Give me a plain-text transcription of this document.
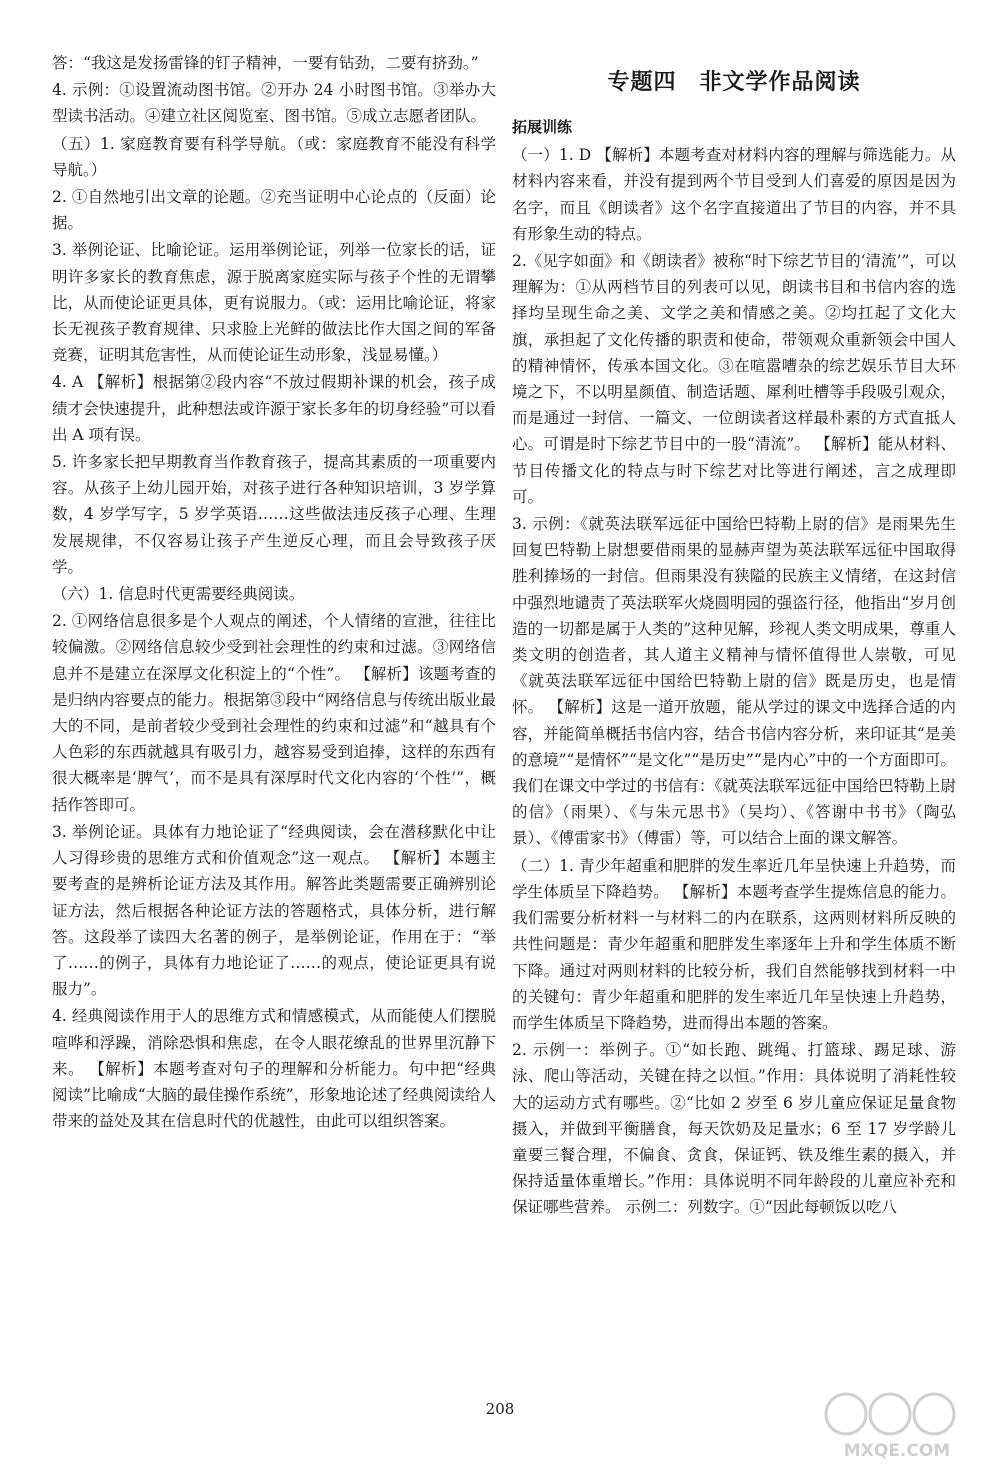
答：“我这是发扬雷锋的钉子精神，一要有钻劲，二要有挤劲。”

4. 示例：①设置流动图书馆。②开办 24 小时图书馆。③举办大型读书活动。④建立社区阅览室、图书馆。⑤成立志愿者团队。

（五）1. 家庭教育要有科学导航。（或：家庭教育不能没有科学导航。）

2. ①自然地引出文章的论题。②充当证明中心论点的（反面）论据。

3. 举例论证、比喻论证。运用举例论证，列举一位家长的话，证明许多家长的教育焦虑，源于脱离家庭实际与孩子个性的无谓攀比，从而使论证更具体，更有说服力。（或：运用比喻论证，将家长无视孩子教育规律、只求脸上光鲜的做法比作大国之间的军备竞赛，证明其危害性，从而使论证生动形象，浅显易懂。）

4. A 【解析】根据第②段内容“不放过假期补课的机会，孩子成绩才会快速提升，此种想法或许源于家长多年的切身经验”可以看出 A 项有误。

5. 许多家长把早期教育当作教育孩子，提高其素质的一项重要内容。从孩子上幼儿园开始，对孩子进行各种知识培训，3 岁学算数，4 岁学写字，5 岁学英语……这些做法违反孩子心理、生理发展规律，不仅容易让孩子产生逆反心理，而且会导致孩子厌学。

（六）1. 信息时代更需要经典阅读。

2. ①网络信息很多是个人观点的阐述，个人情绪的宣泄，往往比较偏激。②网络信息较少受到社会理性的约束和过滤。③网络信息并不是建立在深厚文化积淀上的“个性”。 【解析】该题考查的是归纳内容要点的能力。根据第③段中“网络信息与传统出版业最大的不同，是前者较少受到社会理性的约束和过滤”和“越具有个人色彩的东西就越具有吸引力，越容易受到追捧，这样的东西有很大概率是‘脾气’，而不是具有深厚时代文化内容的‘个性’”，概括作答即可。

3. 举例论证。具体有力地论证了“经典阅读，会在潜移默化中让人习得珍贵的思维方式和价值观念”这一观点。 【解析】本题主要考查的是辨析论证方法及其作用。解答此类题需要正确辨别论证方法，然后根据各种论证方法的答题格式，具体分析，进行解答。这段举了读四大名著的例子，是举例论证，作用在于：“举了……的例子，具体有力地论证了……的观点，使论证更具有说服力”。

4. 经典阅读作用于人的思维方式和情感模式，从而能使人们摆脱喧哗和浮躁，消除恐惧和焦虑，在令人眼花缭乱的世界里沉静下来。 【解析】本题考查对句子的理解和分析能力。句中把“经典阅读”比喻成“大脑的最佳操作系统”，形象地论述了经典阅读给人带来的益处及其在信息时代的优越性，由此可以组织答案。

专题四　非文学作品阅读
拓展训练

（一）1. D 【解析】本题考查对材料内容的理解与筛选能力。从材料内容来看，并没有提到两个节目受到人们喜爱的原因是因为名字，而且《朗读者》这个名字直接道出了节目的内容，并不具有形象生动的特点。

2.《见字如面》和《朗读者》被称“时下综艺节目的‘清流’”，可以理解为：①从两档节目的列表可以见，朗读书目和书信内容的选择均呈现生命之美、文学之美和情感之美。②均扛起了文化大旗，承担起了文化传播的职责和使命，带领观众重新领会中国人的精神情怀，传承本国文化。③在喧嚣嘈杂的综艺娱乐节目大环境之下，不以明星颜值、制造话题、犀利吐槽等手段吸引观众，而是通过一封信、一篇文、一位朗读者这样最朴素的方式直抵人心。可谓是时下综艺节目中的一股“清流”。 【解析】能从材料、节目传播文化的特点与时下综艺对比等进行阐述，言之成理即可。

3. 示例：《就英法联军远征中国给巴特勒上尉的信》是雨果先生回复巴特勒上尉想要借雨果的显赫声望为英法联军远征中国取得胜利捧场的一封信。但雨果没有狭隘的民族主义情绪，在这封信中强烈地谴责了英法联军火烧圆明园的强盗行径，他指出“岁月创造的一切都是属于人类的”这种见解，珍视人类文明成果，尊重人类文明的创造者，其人道主义精神与情怀值得世人崇敬，可见《就英法联军远征中国给巴特勒上尉的信》既是历史，也是情怀。 【解析】这是一道开放题，能从学过的课文中选择合适的内容，并能简单概括书信内容，结合书信内容分析，来印证其“是美的意境”“是情怀”“是文化”“是历史”“是内心”中的一个方面即可。我们在课文中学过的书信有：《就英法联军远征中国给巴特勒上尉的信》（雨果）、《与朱元思书》（吴均）、《答谢中书书》（陶弘景）、《傅雷家书》（傅雷）等，可以结合上面的课文解答。

（二）1. 青少年超重和肥胖的发生率近几年呈快速上升趋势，而学生体质呈下降趋势。 【解析】本题考查学生提炼信息的能力。我们需要分析材料一与材料二的内在联系，这两则材料所反映的共性问题是：青少年超重和肥胖发生率逐年上升和学生体质不断下降。通过对两则材料的比较分析，我们自然能够找到材料一中的关键句：青少年超重和肥胖的发生率近几年呈快速上升趋势，而学生体质呈下降趋势，进而得出本题的答案。

2. 示例一：举例子。①“如长跑、跳绳、打篮球、踢足球、游泳、爬山等活动，关键在持之以恒。”作用：具体说明了消耗性较大的运动方式有哪些。②“比如 2 岁至 6 岁儿童应保证足量食物摄入，并做到平衡膳食，每天饮奶及足量水；6 至 17 岁学龄儿童要三餐合理，不偏食、贪食，保证钙、铁及维生素的摄入，并保持适量体重增长。”作用：具体说明不同年龄段的儿童应补充和保证哪些营养。 示例二：列数字。①“因此每顿饭以吃八

208
MXQE.COM
